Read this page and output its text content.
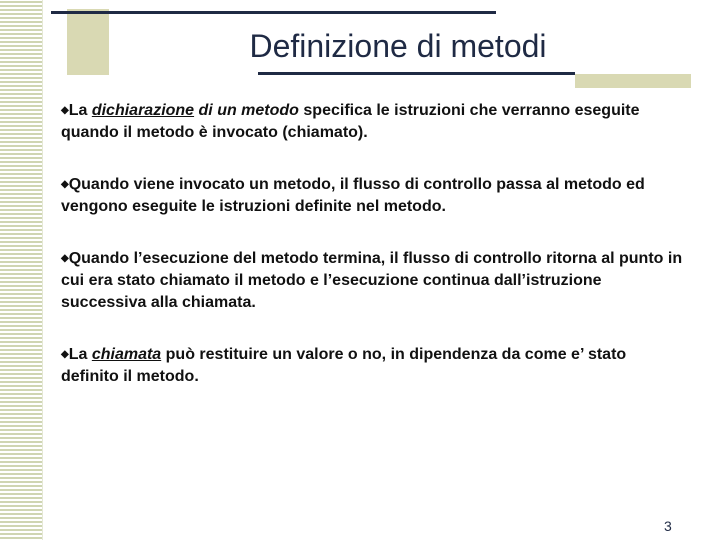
Definizione di metodi

◆La dichiarazione di un metodo specifica le istruzioni che verranno eseguite quando il metodo è invocato (chiamato).

◆Quando viene invocato un metodo, il flusso di controllo passa al metodo ed vengono eseguite le istruzioni definite nel metodo.

◆Quando l’esecuzione del metodo termina, il flusso di controllo ritorna al punto in cui era stato chiamato il metodo e l’esecuzione continua dall’istruzione successiva alla chiamata.

◆La chiamata può restituire un valore o no, in dipendenza da come e’ stato definito il metodo.

3
